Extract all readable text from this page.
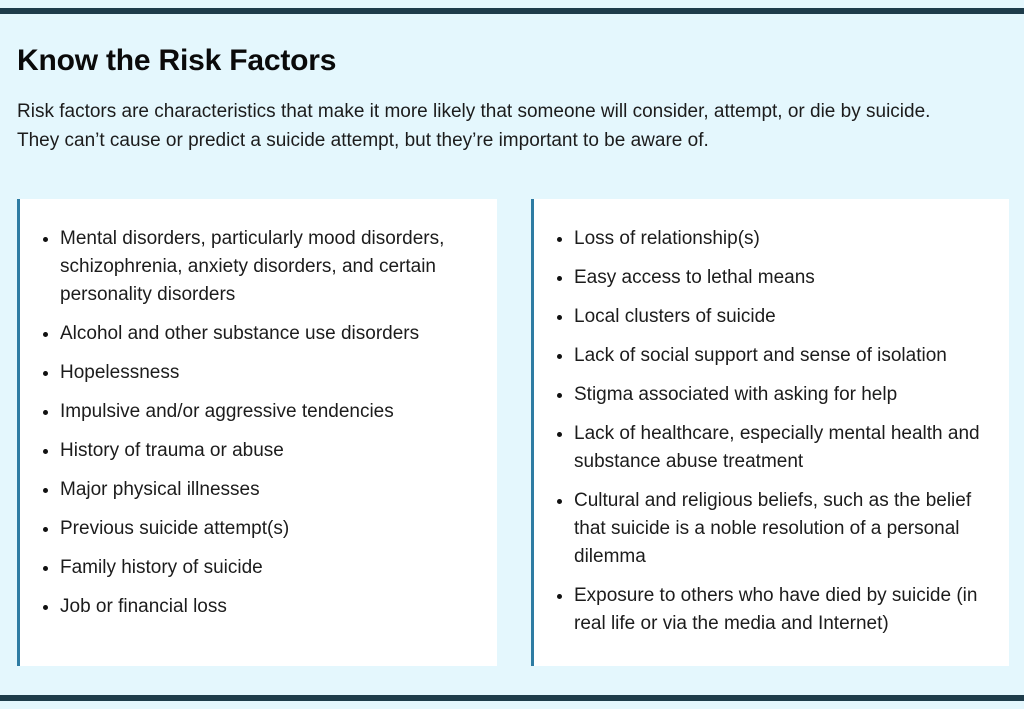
Know the Risk Factors

Risk factors are characteristics that make it more likely that someone will consider, attempt, or die by suicide. They can’t cause or predict a suicide attempt, but they’re important to be aware of.

• Mental disorders, particularly mood disorders, schizophrenia, anxiety disorders, and certain personality disorders
• Alcohol and other substance use disorders
• Hopelessness
• Impulsive and/or aggressive tendencies
• History of trauma or abuse
• Major physical illnesses
• Previous suicide attempt(s)
• Family history of suicide
• Job or financial loss
• Loss of relationship(s)
• Easy access to lethal means
• Local clusters of suicide
• Lack of social support and sense of isolation
• Stigma associated with asking for help
• Lack of healthcare, especially mental health and substance abuse treatment
• Cultural and religious beliefs, such as the belief that suicide is a noble resolution of a personal dilemma
• Exposure to others who have died by suicide (in real life or via the media and Internet)
